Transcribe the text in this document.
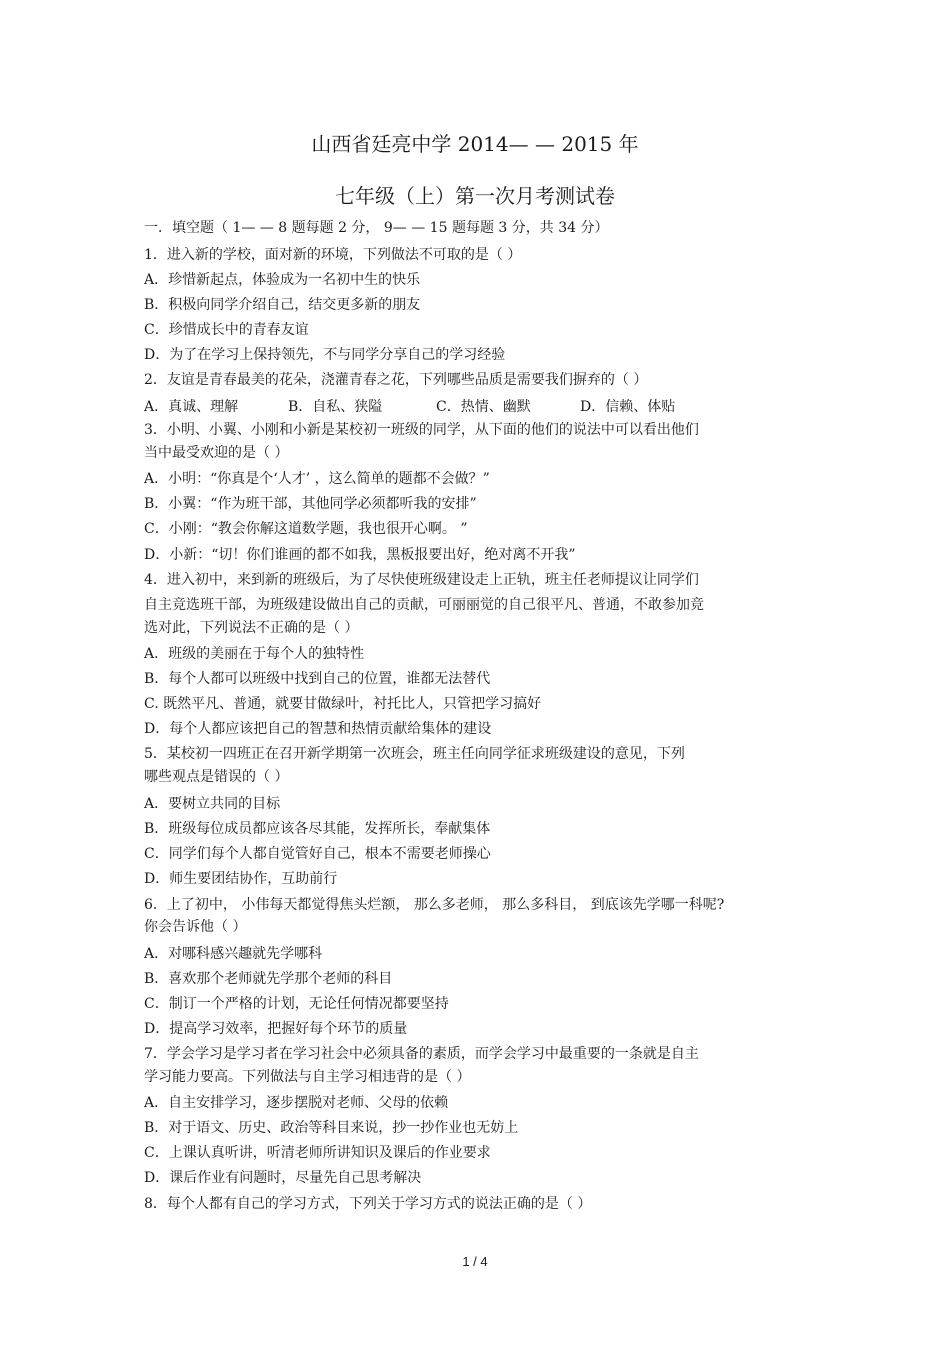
山西省廷亮中学 2014— — 2015 年
七年级（上）第一次月考测试卷
一．填空题（ 1— — 8 题每题 2 分， 9— — 15 题每题 3 分，共 34 分）
1．进入新的学校，面对新的环境，下列做法不可取的是（ ）
A．珍惜新起点，体验成为一名初中生的快乐
B．积极向同学介绍自己，结交更多新的朋友
C．珍惜成长中的青春友谊
D．为了在学习上保持领先，不与同学分享自己的学习经验
2．友谊是青春最美的花朵，浇灌青春之花，下列哪些品质是需要我们摒弃的（ ）
3．小明、小翼、小刚和小新是某校初一班级的同学，从下面的他们的说法中可以看出他们
当中最受欢迎的是（ ）
A．小明：“你真是个‘人才’ ，这么简单的题都不会做？”
B．小翼：“作为班干部，其他同学必须都听我的安排”
C．小刚：“教会你解这道数学题，我也很开心啊。 ”
D．小新：“切！你们谁画的都不如我，黑板报要出好，绝对离不开我”
4．进入初中，来到新的班级后，为了尽快使班级建设走上正轨，班主任老师提议让同学们
自主竞选班干部，为班级建设做出自己的贡献，可丽丽觉的自己很平凡、普通，不敢参加竞
选对此，下列说法不正确的是（ ）
A．班级的美丽在于每个人的独特性
B．每个人都可以班级中找到自己的位置，谁都无法替代
C. 既然平凡、普通，就要甘做绿叶，衬托比人，只管把学习搞好
D．每个人都应该把自己的智慧和热情贡献给集体的建设
5．某校初一四班正在召开新学期第一次班会，班主任向同学征求班级建设的意见，下列
哪些观点是错误的（ ）
A．要树立共同的目标
B．班级每位成员都应该各尽其能，发挥所长，奉献集体
C．同学们每个人都自觉管好自己，根本不需要老师操心
D．师生要团结协作，互助前行
6．上了初中， 小伟每天都觉得焦头烂额， 那么多老师， 那么多科目， 到底该先学哪一科呢?
你会告诉他（ ）
A．对哪科感兴趣就先学哪科
B．喜欢那个老师就先学那个老师的科目
C．制订一个严格的计划，无论任何情况都要坚持
D．提高学习效率，把握好每个环节的质量
7．学会学习是学习者在学习社会中必须具备的素质，而学会学习中最重要的一条就是自主
学习能力要高。下列做法与自主学习相违背的是（ ）
A．自主安排学习，逐步摆脱对老师、父母的依赖
B．对于语文、历史、政治等科目来说，抄一抄作业也无妨上
C．上课认真听讲，听清老师所讲知识及课后的作业要求
D．课后作业有问题时，尽量先自己思考解决
8．每个人都有自己的学习方式，下列关于学习方式的说法正确的是（ ）
A．真诚、理解	B．自私、狭隘	C．热情、幽默	D．信赖、体贴
1 / 4
